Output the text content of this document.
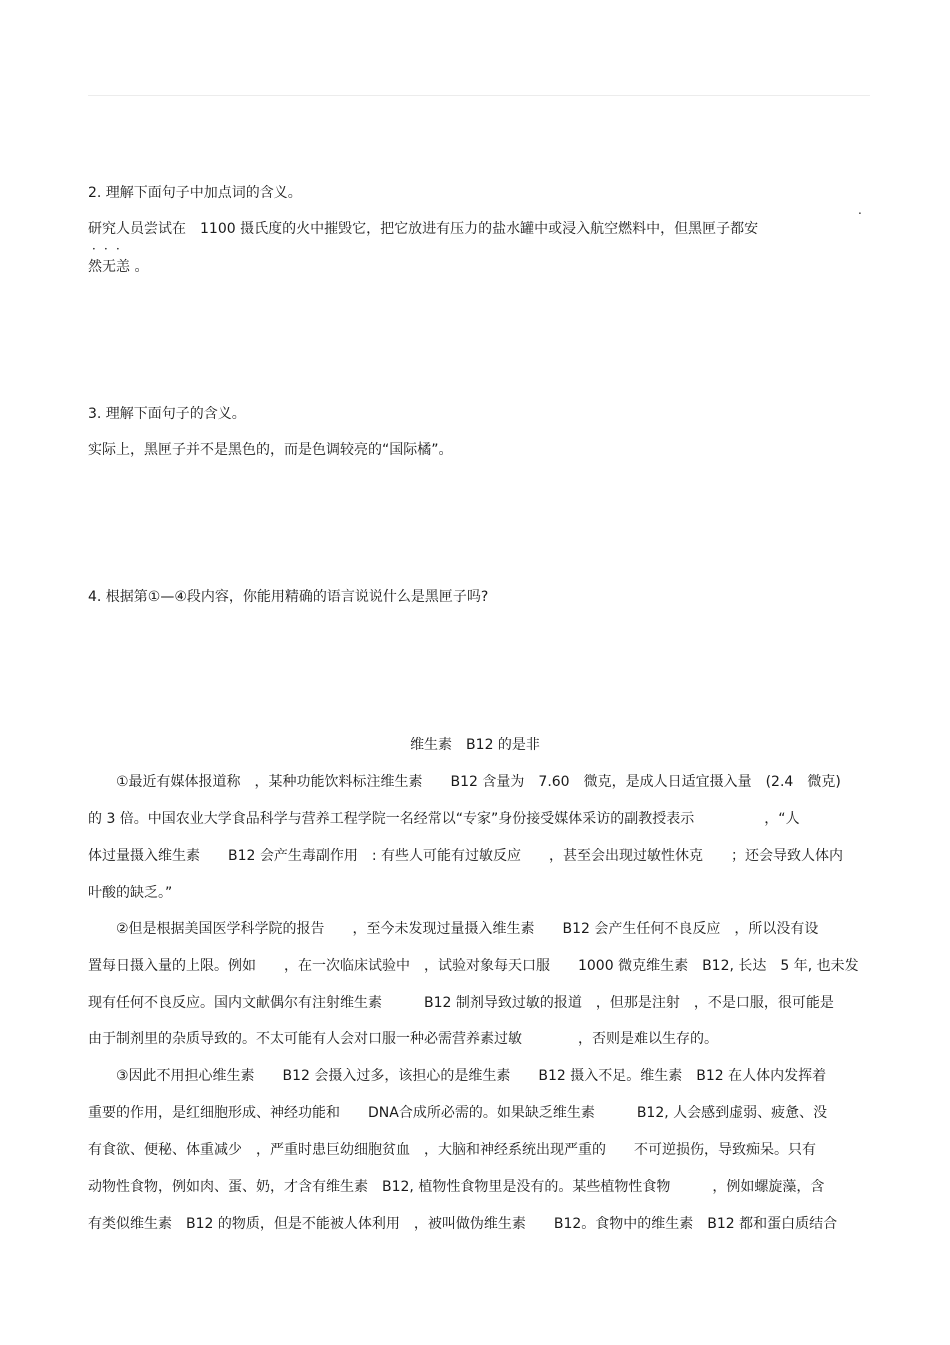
2. 理解下面句子中加点词的含义。
研究人员尝试在　1100 摄氏度的火中摧毁它，把它放进有压力的盐水罐中或浸入航空燃料中，但黑匣子都安
．．．
然无恙 。
.
3. 理解下面句子的含义。
实际上，黑匣子并不是黑色的，而是色调较亮的“国际橘”。
4. 根据第①—④段内容，你能用精确的语言说说什么是黑匣子吗?
维生素　B12 的是非
　　①最近有媒体报道称　，某种功能饮料标注维生素　　B12 含量为　7.60　微克，是成人日适宜摄入量　(2.4　微克)
的 3 倍。中国农业大学食品科学与营养工程学院一名经常以“专家”身份接受媒体采访的副教授表示　　　　　，“人
体过量摄入维生素　　B12 会产生毒副作用　: 有些人可能有过敏反应　　，甚至会出现过敏性休克　　；还会导致人体内
叶酸的缺乏。”
　　②但是根据美国医学科学院的报告　　，至今未发现过量摄入维生素　　B12 会产生任何不良反应　，所以没有设
置每日摄入量的上限。例如　　，在一次临床试验中　，试验对象每天口服　　1000 微克维生素　B12, 长达　5 年, 也未发
现有任何不良反应。国内文献偶尔有注射维生素　　　B12 制剂导致过敏的报道　，但那是注射　，不是口服，很可能是
由于制剂里的杂质导致的。不太可能有人会对口服一种必需营养素过敏　　　　，否则是难以生存的。
　　③因此不用担心维生素　　B12 会摄入过多，该担心的是维生素　　B12 摄入不足。维生素　B12 在人体内发挥着
重要的作用，是红细胞形成、神经功能和　　DNA合成所必需的。如果缺乏维生素　　　B12, 人会感到虚弱、疲惫、没
有食欲、便秘、体重减少　，严重时患巨幼细胞贫血　，大脑和神经系统出现严重的　　不可逆损伤，导致痴呆。只有
动物性食物，例如肉、蛋、奶，才含有维生素　B12, 植物性食物里是没有的。某些植物性食物　　　，例如螺旋藻，含
有类似维生素　B12 的物质，但是不能被人体利用　，被叫做伪维生素　　B12。食物中的维生素　B12 都和蛋白质结合
